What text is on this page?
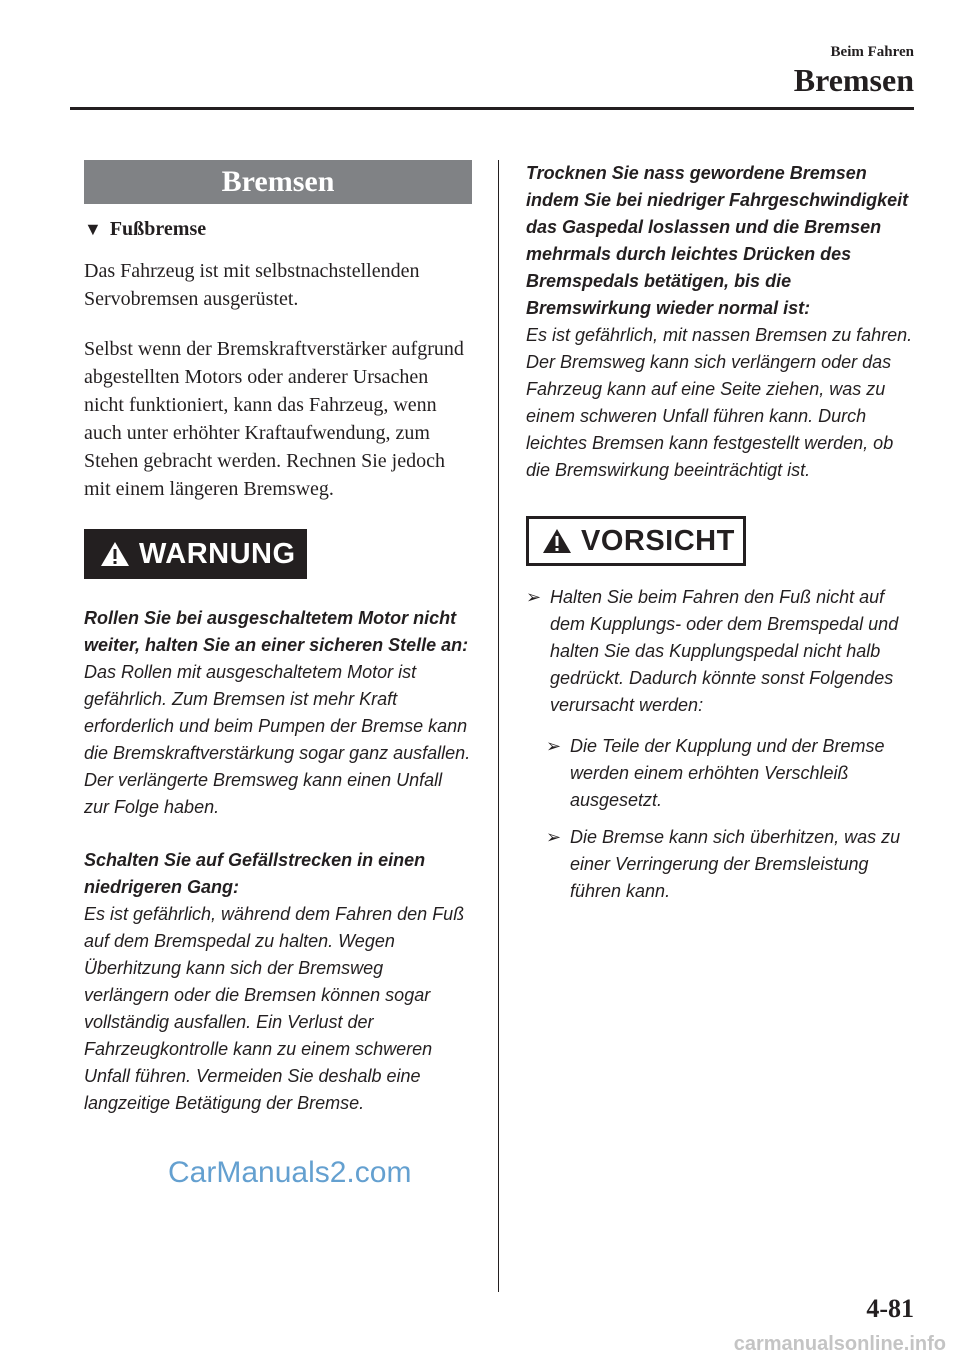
Beim Fahren
Bremsen
Bremsen
▼ Fußbremse

Das Fahrzeug ist mit selbstnachstellenden Servobremsen ausgerüstet.

Selbst wenn der Bremskraftverstärker aufgrund abgestellten Motors oder anderer Ursachen nicht funktioniert, kann das Fahrzeug, wenn auch unter erhöhter Kraftaufwendung, zum Stehen gebracht werden. Rechnen Sie jedoch mit einem längeren Bremsweg.

WARNUNG

Rollen Sie bei ausgeschaltetem Motor nicht weiter, halten Sie an einer sicheren Stelle an:

Das Rollen mit ausgeschaltetem Motor ist gefährlich. Zum Bremsen ist mehr Kraft erforderlich und beim Pumpen der Bremse kann die Bremskraftverstärkung sogar ganz ausfallen. Der verlängerte Bremsweg kann einen Unfall zur Folge haben.

Schalten Sie auf Gefällstrecken in einen niedrigeren Gang:

Es ist gefährlich, während dem Fahren den Fuß auf dem Bremspedal zu halten. Wegen Überhitzung kann sich der Bremsweg verlängern oder die Bremsen können sogar vollständig ausfallen. Ein Verlust der Fahrzeugkontrolle kann zu einem schweren Unfall führen. Vermeiden Sie deshalb eine langzeitige Betätigung der Bremse.

Trocknen Sie nass gewordene Bremsen indem Sie bei niedriger Fahrgeschwindigkeit das Gaspedal loslassen und die Bremsen mehrmals durch leichtes Drücken des Bremspedals betätigen, bis die Bremswirkung wieder normal ist:

Es ist gefährlich, mit nassen Bremsen zu fahren. Der Bremsweg kann sich verlängern oder das Fahrzeug kann auf eine Seite ziehen, was zu einem schweren Unfall führen kann. Durch leichtes Bremsen kann festgestellt werden, ob die Bremswirkung beeinträchtigt ist.

VORSICHT
➢ Halten Sie beim Fahren den Fuß nicht auf dem Kupplungs- oder dem Bremspedal und halten Sie das Kupplungspedal nicht halb gedrückt. Dadurch könnte sonst Folgendes verursacht werden:
➢ Die Teile der Kupplung und der Bremse werden einem erhöhten Verschleiß ausgesetzt.
➢ Die Bremse kann sich überhitzen, was zu einer Verringerung der Bremsleistung führen kann.
CarManuals2.com
4-81
carmanualsonline.info
